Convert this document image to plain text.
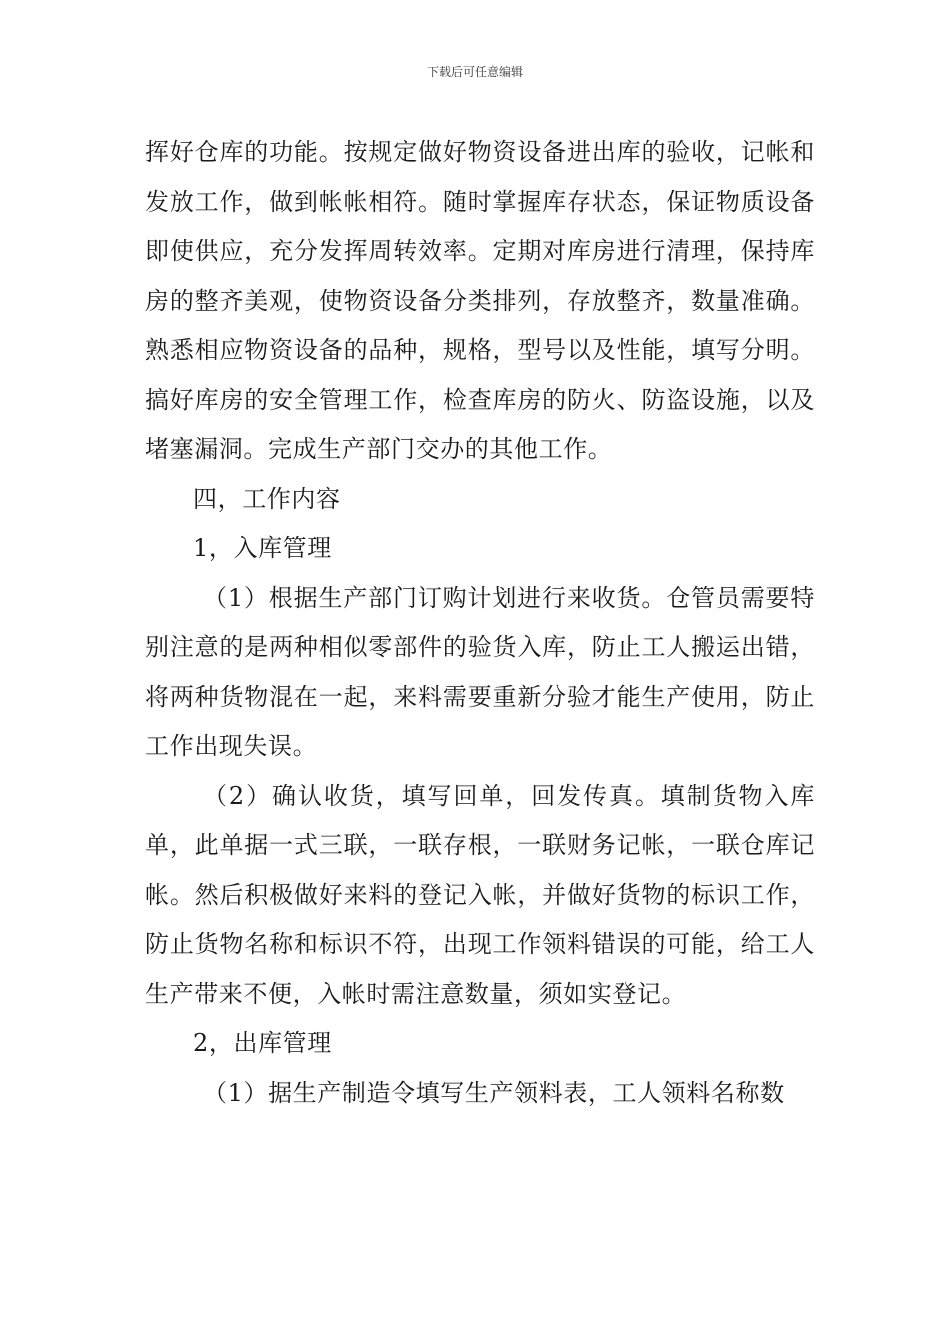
下载后可任意编辑

挥好仓库的功能。按规定做好物资设备进出库的验收，记帐和发放工作，做到帐帐相符。随时掌握库存状态，保证物质设备即使供应，充分发挥周转效率。定期对库房进行清理，保持库房的整齐美观，使物资设备分类排列，存放整齐，数量准确。熟悉相应物资设备的品种，规格，型号以及性能，填写分明。搞好库房的安全管理工作，检查库房的防火、防盗设施，以及堵塞漏洞。完成生产部门交办的其他工作。

四，工作内容

1，入库管理

（1）根据生产部门订购计划进行来收货。仓管员需要特别注意的是两种相似零部件的验货入库，防止工人搬运出错，将两种货物混在一起，来料需要重新分验才能生产使用，防止工作出现失误。

（2）确认收货，填写回单，回发传真。填制货物入库单，此单据一式三联，一联存根，一联财务记帐，一联仓库记帐。然后积极做好来料的登记入帐，并做好货物的标识工作，防止货物名称和标识不符，出现工作领料错误的可能，给工人生产带来不便，入帐时需注意数量，须如实登记。

2，出库管理

（1）据生产制造令填写生产领料表，工人领料名称数
